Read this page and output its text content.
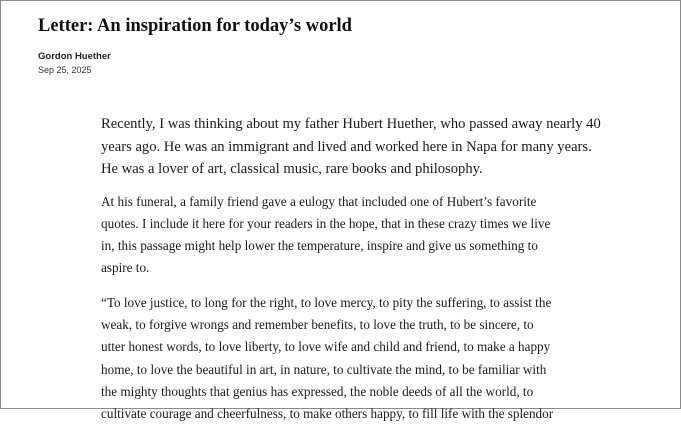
Letter: An inspiration for today’s world
Gordon Huether
Sep 25, 2025

Recently, I was thinking about my father Hubert Huether, who passed away nearly 40
years ago. He was an immigrant and lived and worked here in Napa for many years.
He was a lover of art, classical music, rare books and philosophy.

At his funeral, a family friend gave a eulogy that included one of Hubert’s favorite
quotes. I include it here for your readers in the hope, that in these crazy times we live
in, this passage might help lower the temperature, inspire and give us something to
aspire to.

“To love justice, to long for the right, to love mercy, to pity the suffering, to assist the
weak, to forgive wrongs and remember benefits, to love the truth, to be sincere, to
utter honest words, to love liberty, to love wife and child and friend, to make a happy
home, to love the beautiful in art, in nature, to cultivate the mind, to be familiar with
the mighty thoughts that genius has expressed, the noble deeds of all the world, to
cultivate courage and cheerfulness, to make others happy, to fill life with the splendor
